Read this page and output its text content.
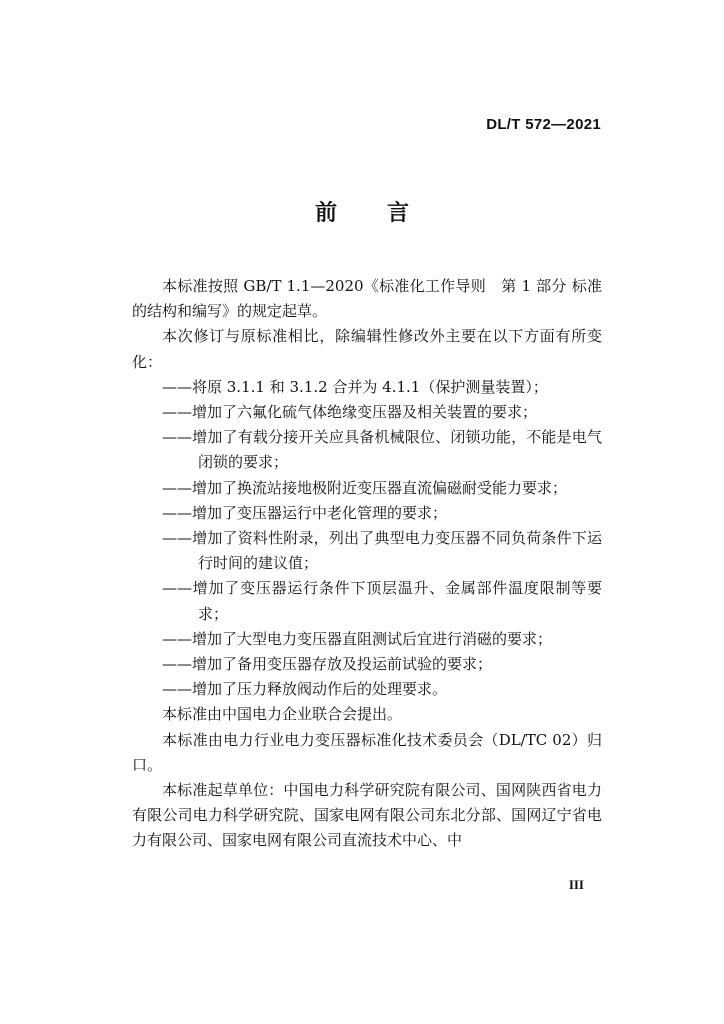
DL/T 572—2021
前 言

本标准按照 GB/T 1.1—2020《标准化工作导则　第 1 部分 标准的结构和编写》的规定起草。

本次修订与原标准相比，除编辑性修改外主要在以下方面有所变化：

——将原 3.1.1 和 3.1.2 合并为 4.1.1（保护测量装置）；

——增加了六氟化硫气体绝缘变压器及相关装置的要求；

——增加了有载分接开关应具备机械限位、闭锁功能，不能是电气闭锁的要求；

——增加了换流站接地极附近变压器直流偏磁耐受能力要求；

——增加了变压器运行中老化管理的要求；

——增加了资料性附录，列出了典型电力变压器不同负荷条件下运行时间的建议值；

——增加了变压器运行条件下顶层温升、金属部件温度限制等要求；

——增加了大型电力变压器直阻测试后宜进行消磁的要求；

——增加了备用变压器存放及投运前试验的要求；

——增加了压力释放阀动作后的处理要求。

本标准由中国电力企业联合会提出。

本标准由电力行业电力变压器标准化技术委员会（DL/TC 02）归口。

本标准起草单位：中国电力科学研究院有限公司、国网陕西省电力有限公司电力科学研究院、国家电网有限公司东北分部、国网辽宁省电力有限公司、国家电网有限公司直流技术中心、中

III
